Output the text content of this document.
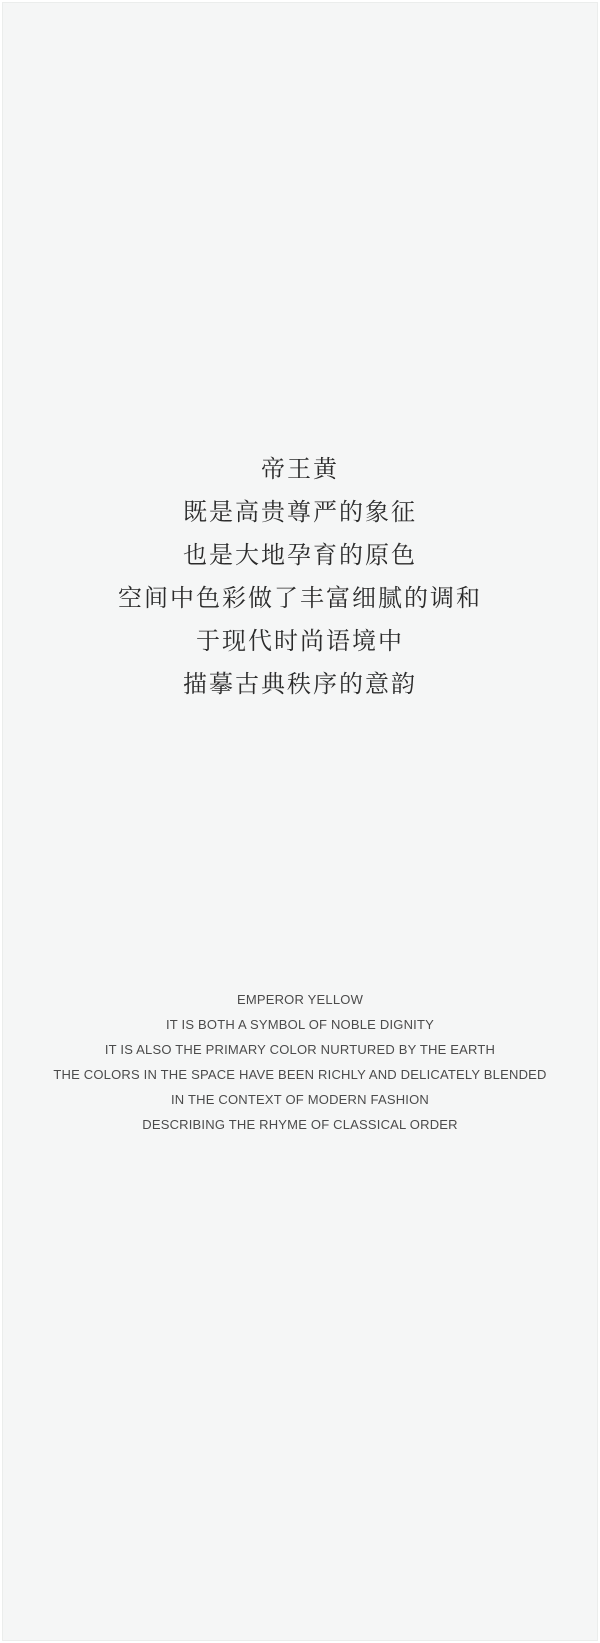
帝王黄
既是高贵尊严的象征
也是大地孕育的原色
空间中色彩做了丰富细腻的调和
于现代时尚语境中
描摹古典秩序的意韵
EMPEROR YELLOW
IT IS BOTH A SYMBOL OF NOBLE DIGNITY
IT IS ALSO THE PRIMARY COLOR NURTURED BY THE EARTH
THE COLORS IN THE SPACE HAVE BEEN RICHLY AND DELICATELY BLENDED
IN THE CONTEXT OF MODERN FASHION
DESCRIBING THE RHYME OF CLASSICAL ORDER
